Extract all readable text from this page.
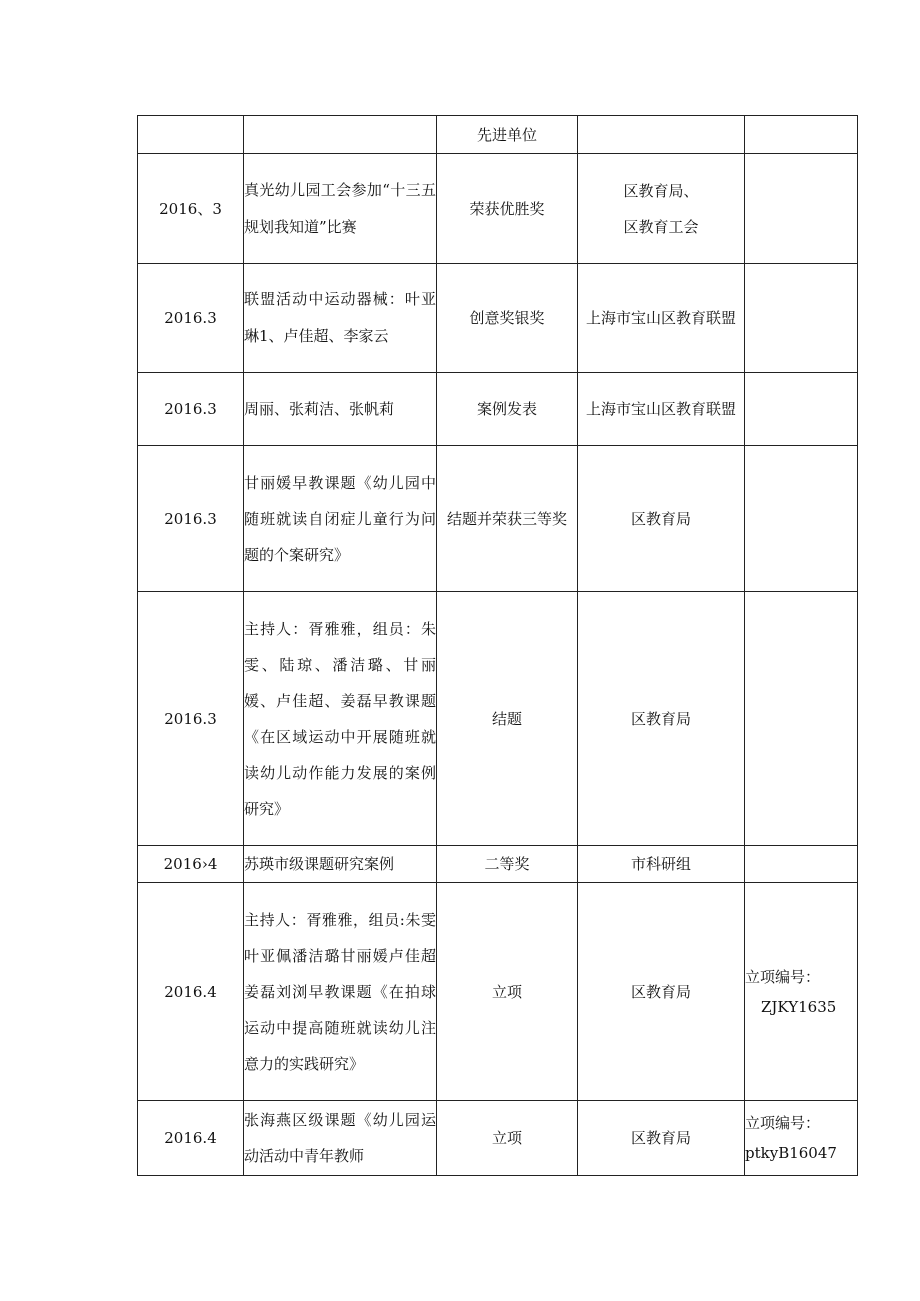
		先进单位	

2016、3	真光幼儿园工会参加“十三五规划我知道”比赛	荣获优胜奖	区教育局、
区教育工会	

2016.3	联盟活动中运动器械：叶亚琳1、卢佳超、李家云	创意奖银奖	上海市宝山区教育联盟	

2016.3	周丽、张莉洁、张帆莉	案例发表	上海市宝山区教育联盟	

2016.3	甘丽媛早教课题《幼儿园中随班就读自闭症儿童行为问题的个案研究》	结题并荣获三等奖	区教育局	

2016.3	主持人：胥雅雅，组员：朱雯、陆琼、潘洁璐、甘丽媛、卢佳超、姜磊早教课题《在区域运动中开展随班就读幼儿动作能力发展的案例研究》	结题	区教育局	

2016›4	苏瑛市级课题研究案例	二等奖	市科研组	

2016.4	主持人：胥雅雅，组员:朱雯叶亚佩潘洁璐甘丽媛卢佳超姜磊刘浏早教课题《在拍球运动中提高随班就读幼儿注意力的实践研究》	立项	区教育局	立项编号：
ZJKY1635

2016.4	张海燕区级课题《幼儿园运动活动中青年教师	立项	区教育局	立项编号：
ptkyB16047
